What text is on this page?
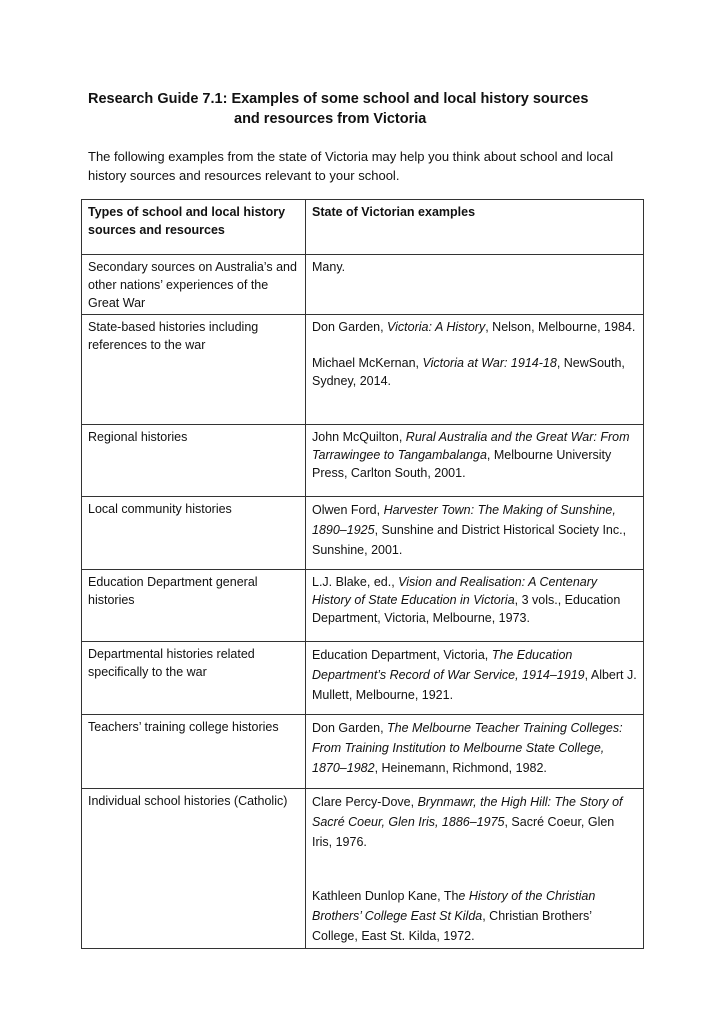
Research Guide 7.1: Examples of some school and local history sources
and resources from Victoria
The following examples from the state of Victoria may help you think about school and local history sources and resources relevant to your school.
Types of school and local history sources and resources	State of Victorian examples
Secondary sources on Australia’s and other nations’ experiences of the Great War	Many.

State-based histories including references to the war	Don Garden, Victoria: A History, Nelson, Melbourne, 1984.
Michael McKernan, Victoria at War: 1914-18, NewSouth, Sydney, 2014.

Regional histories	John McQuilton, Rural Australia and the Great War: From Tarrawingee to Tangambalanga, Melbourne University Press, Carlton South, 2001.

Local community histories	Olwen Ford, Harvester Town: The Making of Sunshine, 1890–1925, Sunshine and District Historical Society Inc., Sunshine, 2001.

Education Department general histories	L.J. Blake, ed., Vision and Realisation: A Centenary History of State Education in Victoria, 3 vols., Education Department, Victoria, Melbourne, 1973.

Departmental histories related specifically to the war	Education Department, Victoria, The Education Department’s Record of War Service, 1914–1919, Albert J. Mullett, Melbourne, 1921.

Teachers’ training college histories	Don Garden, The Melbourne Teacher Training Colleges: From Training Institution to Melbourne State College, 1870–1982, Heinemann, Richmond, 1982.

Individual school histories (Catholic)	Clare Percy-Dove, Brynmawr, the High Hill: The Story of Sacré Coeur, Glen Iris, 1886–1975, Sacré Coeur, Glen Iris, 1976.
Kathleen Dunlop Kane, The History of the Christian Brothers’ College East St Kilda, Christian Brothers’ College, East St. Kilda, 1972.
